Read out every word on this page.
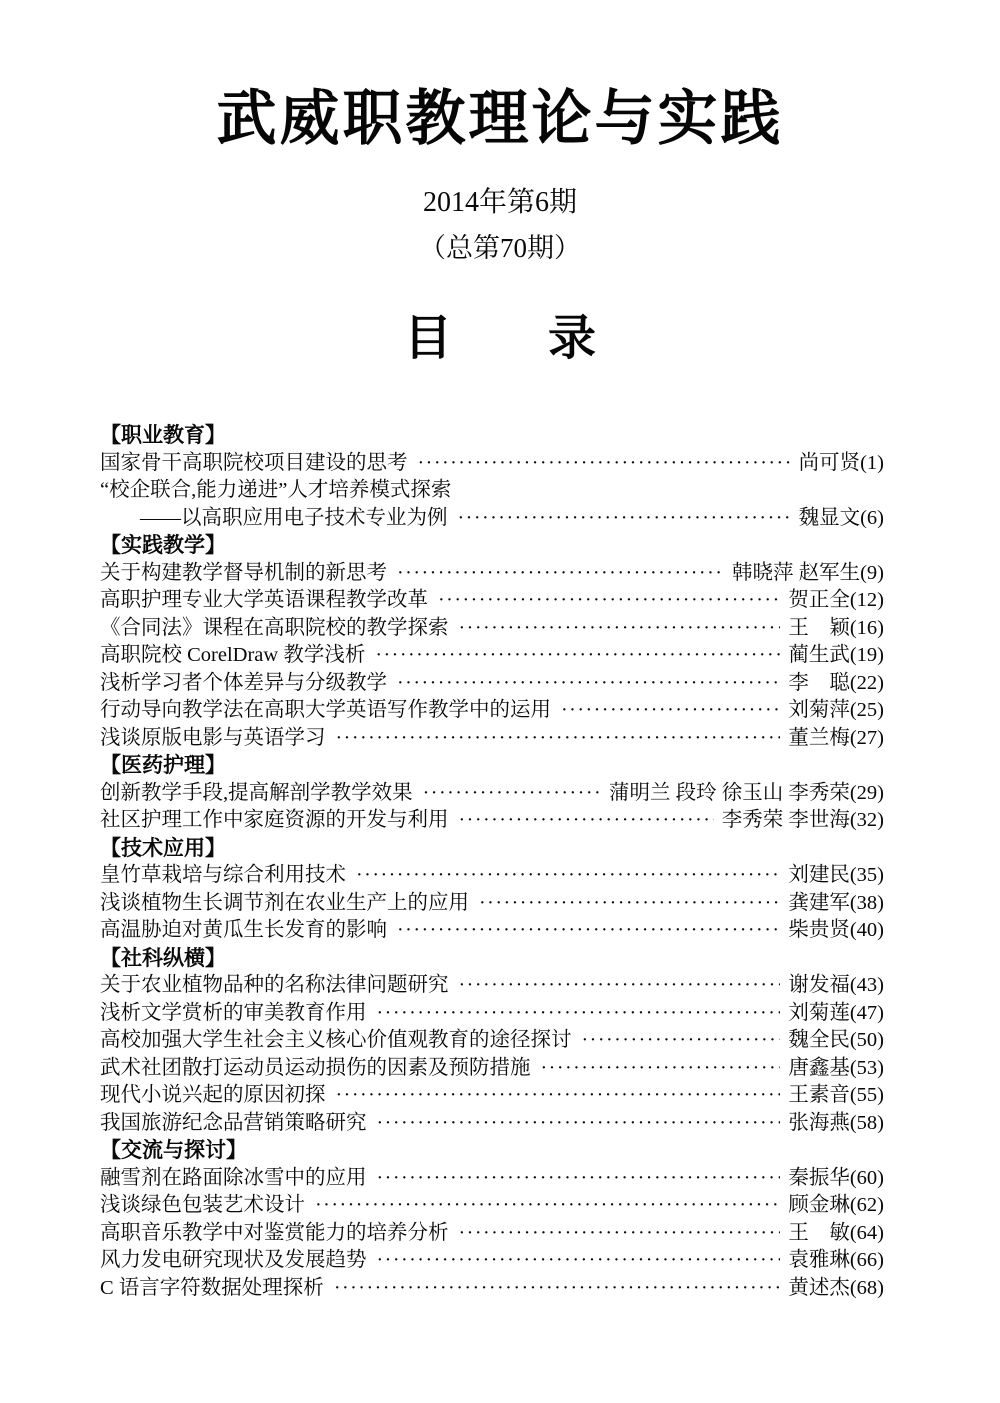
武威职教理论与实践
2014年第6期
（总第70期）
目　　录
【职业教育】
国家骨干高职院校项目建设的思考 ·····	尚可贤 (1)
“校企联合,能力递进”人才培养模式探索
——以高职应用电子技术专业为例 ·····	魏显文 (6)
【实践教学】
关于构建教学督导机制的新思考 ·····	韩晓萍 赵军生 (9)
高职护理专业大学英语课程教学改革 ·····	贺正全 (12)
《合同法》课程在高职院校的教学探索 ·····	王　颖 (16)
高职院校 CorelDraw 教学浅析 ·····	蔺生武 (19)
浅析学习者个体差异与分级教学 ·····	李　聪 (22)
行动导向教学法在高职大学英语写作教学中的运用 ·····	刘菊萍 (25)
浅谈原版电影与英语学习 ·····	董兰梅 (27)
【医药护理】
创新教学手段,提高解剖学教学效果 ·····	蒲明兰 段玲 徐玉山 李秀荣 (29)
社区护理工作中家庭资源的开发与利用 ·····	李秀荣 李世海 (32)
【技术应用】
皇竹草栽培与综合利用技术 ·····	刘建民 (35)
浅谈植物生长调节剂在农业生产上的应用 ·····	龚建军 (38)
高温胁迫对黄瓜生长发育的影响 ·····	柴贵贤 (40)
【社科纵横】
关于农业植物品种的名称法律问题研究 ·····	谢发福 (43)
浅析文学赏析的审美教育作用 ·····	刘菊莲 (47)
高校加强大学生社会主义核心价值观教育的途径探讨 ·····	魏全民 (50)
武术社团散打运动员运动损伤的因素及预防措施 ·····	唐鑫基 (53)
现代小说兴起的原因初探 ·····	王素音 (55)
我国旅游纪念品营销策略研究 ·····	张海燕 (58)
【交流与探讨】
融雪剂在路面除冰雪中的应用 ·····	秦振华 (60)
浅谈绿色包装艺术设计 ·····	顾金琳 (62)
高职音乐教学中对鉴赏能力的培养分析 ·····	王　敏 (64)
风力发电研究现状及发展趋势 ·····	袁雅琳 (66)
C 语言字符数据处理探析 ·····	黄述杰 (68)
